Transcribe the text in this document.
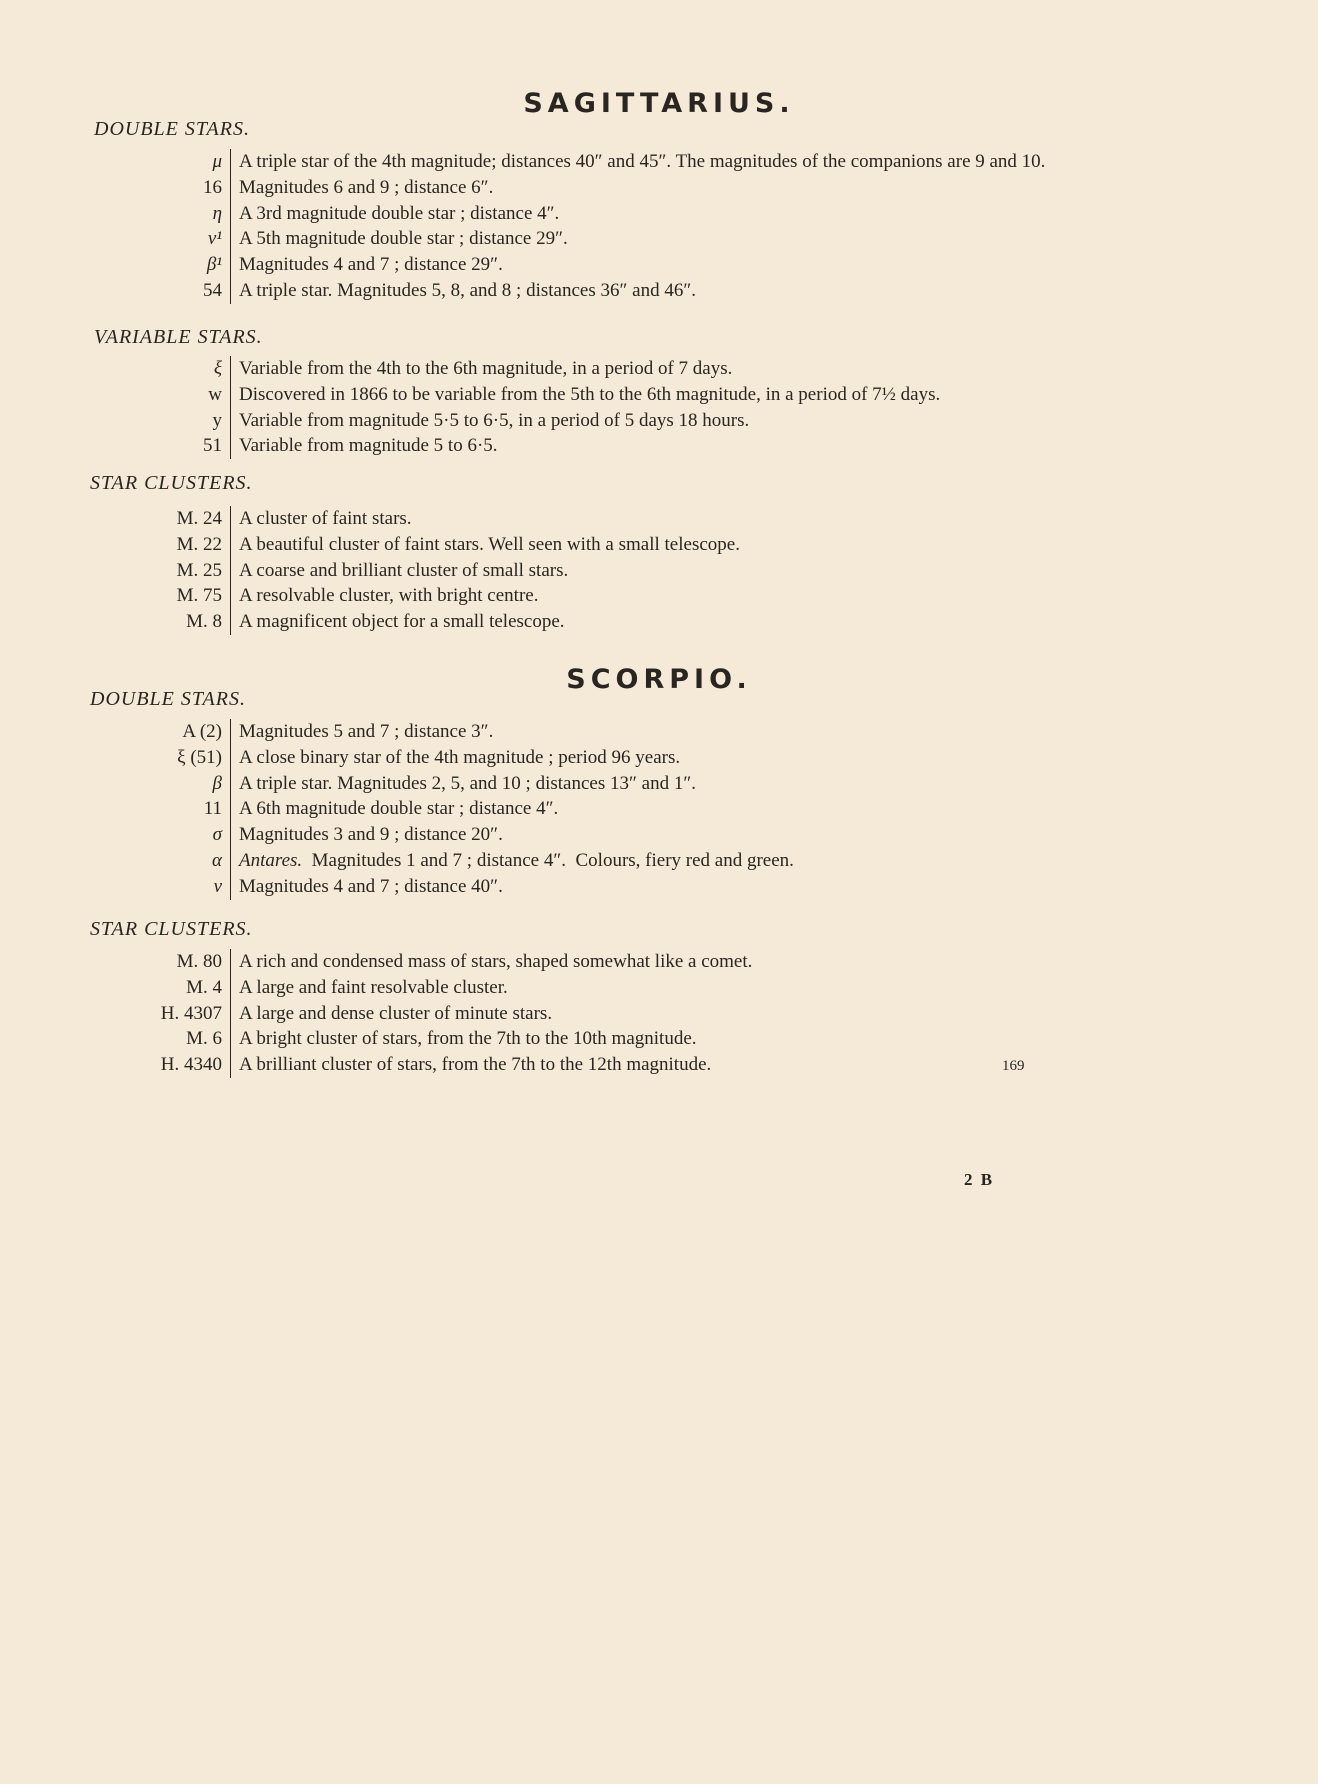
SAGITTARIUS.
DOUBLE STARS.
μ A triple star of the 4th magnitude; distances 40″ and 45″. The magnitudes of the companions are 9 and 10.
16 Magnitudes 6 and 9 ; distance 6″.
η A 3rd magnitude double star ; distance 4″.
ν¹ A 5th magnitude double star ; distance 29″.
β¹ Magnitudes 4 and 7 ; distance 29″.
54 A triple star. Magnitudes 5, 8, and 8 ; distances 36″ and 46″.
VARIABLE STARS.
ξ Variable from the 4th to the 6th magnitude, in a period of 7 days.
w Discovered in 1866 to be variable from the 5th to the 6th magnitude, in a period of 7½ days.
y Variable from magnitude 5·5 to 6·5, in a period of 5 days 18 hours.
51 Variable from magnitude 5 to 6·5.
STAR CLUSTERS.
M. 24 A cluster of faint stars.
M. 22 A beautiful cluster of faint stars. Well seen with a small telescope.
M. 25 A coarse and brilliant cluster of small stars.
M. 75 A resolvable cluster, with bright centre.
M. 8 A magnificent object for a small telescope.
SCORPIO.
DOUBLE STARS.
A (2) Magnitudes 5 and 7 ; distance 3″.
ξ (51) A close binary star of the 4th magnitude ; period 96 years.
β A triple star. Magnitudes 2, 5, and 10 ; distances 13″ and 1″.
11 A 6th magnitude double star ; distance 4″.
σ Magnitudes 3 and 9 ; distance 20″.
α Antares.  Magnitudes 1 and 7 ; distance 4″.  Colours, fiery red and green.
ν Magnitudes 4 and 7 ; distance 40″.
STAR CLUSTERS.
M. 80 A rich and condensed mass of stars, shaped somewhat like a comet.
M. 4 A large and faint resolvable cluster.
H. 4307 A large and dense cluster of minute stars.
M. 6 A bright cluster of stars, from the 7th to the 10th magnitude.
H. 4340 A brilliant cluster of stars, from the 7th to the 12th magnitude.	169
2 B
